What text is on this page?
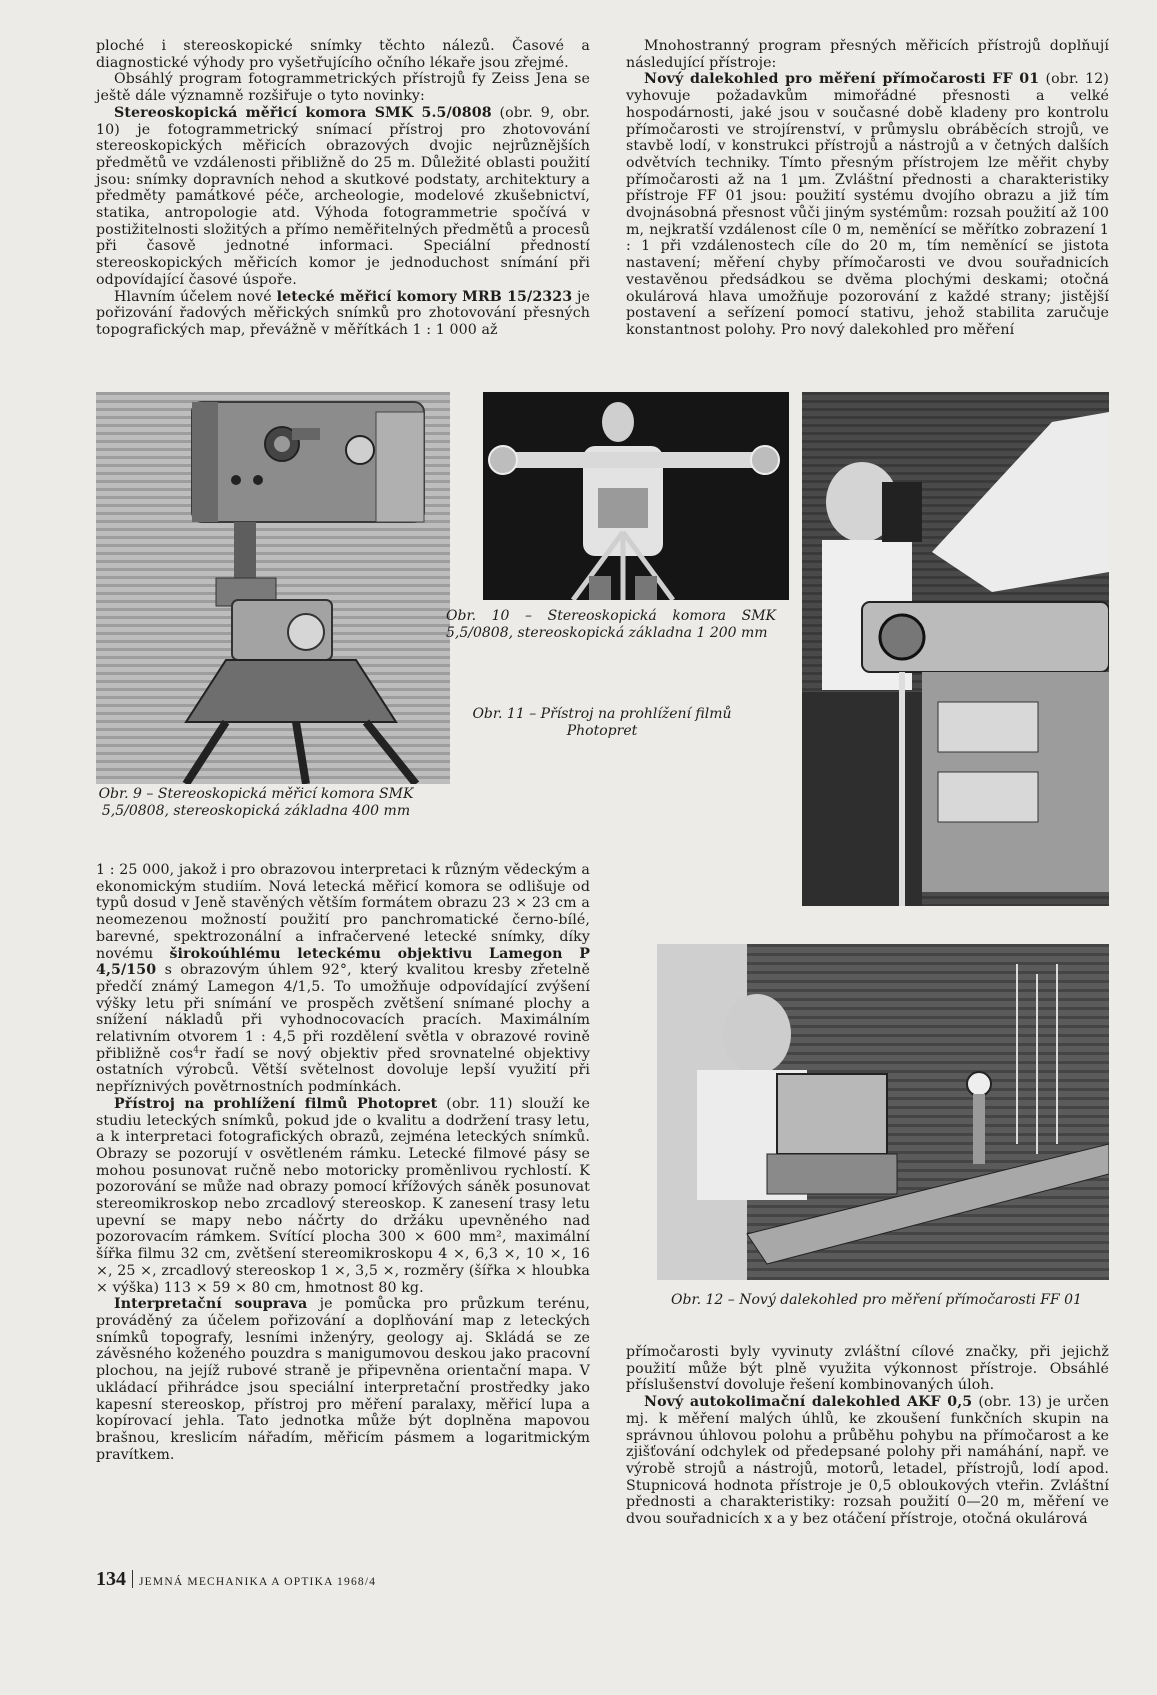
ploché i stereoskopické snímky těchto nálezů. Časové a diagnostické výhody pro vyšetřujícího očního lékaře jsou zřejmé.

Obsáhlý program fotogrammetrických přístrojů fy Zeiss Jena se ještě dále významně rozšiřuje o tyto novinky:

Stereoskopická měřicí komora SMK 5.5/0808 (obr. 9, obr. 10) je fotogrammetrický snímací přístroj pro zhotovování stereoskopických měřicích obrazových dvojic nejrůznějších předmětů ve vzdálenosti přibližně do 25 m. Důležité oblasti použití jsou: snímky dopravních nehod a skutkové podstaty, architektury a předměty památkové péče, archeologie, modelové zkušebnictví, statika, antropologie atd. Výhoda fotogrammetrie spočívá v postižitelnosti složitých a přímo neměřitelných předmětů a procesů při časově jednotné informaci. Speciální předností stereoskopických měřicích komor je jednoduchost snímání při odpovídající časové úspoře.

Hlavním účelem nové letecké měřicí komory MRB 15/2323 je pořizování řadových měřických snímků pro zhotovování přesných topografických map, převážně v měřítkách 1 : 1 000 až

Mnohostranný program přesných měřicích přístrojů doplňují následující přístroje:

Nový dalekohled pro měření přímočarosti FF 01 (obr. 12) vyhovuje požadavkům mimořádné přesnosti a velké hospodárnosti, jaké jsou v současné době kladeny pro kontrolu přímočarosti ve strojírenství, v průmyslu obráběcích strojů, ve stavbě lodí, v konstrukci přístrojů a nástrojů a v četných dalších odvětvích techniky. Tímto přesným přístrojem lze měřit chyby přímočarosti až na 1 µm. Zvláštní přednosti a charakteristiky přístroje FF 01 jsou: použití systému dvojího obrazu a již tím dvojnásobná přesnost vůči jiným systémům: rozsah použití až 100 m, nejkratší vzdálenost cíle 0 m, neměnící se měřítko zobrazení 1 : 1 při vzdálenostech cíle do 20 m, tím neměnící se jistota nastavení; měření chyby přímočarosti ve dvou souřadnicích vestavěnou předsádkou se dvěma plochými deskami; otočná okulárová hlava umožňuje pozorování z každé strany; jistější postavení a seřízení pomocí stativu, jehož stabilita zaručuje konstantnost polohy. Pro nový dalekohled pro měření

Obr. 10 – Stereoskopická komora SMK 5,5/0808, stereoskopická základna 1 200 mm
Obr. 11 – Přístroj na prohlížení filmů Photopret
Obr. 9 – Stereoskopická měřicí komora SMK 5,5/0808, stereoskopická základna 400 mm

1 : 25 000, jakož i pro obrazovou interpretaci k různým vědeckým a ekonomickým studiím. Nová letecká měřicí komora se odlišuje od typů dosud v Jeně stavěných větším formátem obrazu 23 × 23 cm a neomezenou možností použití pro panchromatické černo-bílé, barevné, spektrozonální a infračervené letecké snímky, díky novému širokoúhlému leteckému objektivu Lamegon P 4,5/150 s obrazovým úhlem 92°, který kvalitou kresby zřetelně předčí známý Lamegon 4/1,5. To umožňuje odpovídající zvýšení výšky letu při snímání ve prospěch zvětšení snímané plochy a snížení nákladů při vyhodnocovacích pracích. Maximálním relativním otvorem 1 : 4,5 při rozdělení světla v obrazové rovině přibližně $\cos^4r$ řadí se nový objektiv před srovnatelné objektivy ostatních výrobců. Větší světelnost dovoluje lepší využití při nepříznivých povětrnostních podmínkách.

Přístroj na prohlížení filmů Photopret (obr. 11) slouží ke studiu leteckých snímků, pokud jde o kvalitu a dodržení trasy letu, a k interpretaci fotografických obrazů, zejména leteckých snímků. Obrazy se pozorují v osvětleném rámku. Letecké filmové pásy se mohou posunovat ručně nebo motoricky proměnlivou rychlostí. K pozorování se může nad obrazy pomocí křížových sáněk posunovat stereomikroskop nebo zrcadlový stereoskop. K zanesení trasy letu upevní se mapy nebo náčrty do držáku upevněného nad pozorovacím rámkem. Svítící plocha 300 × 600 mm², maximální šířka filmu 32 cm, zvětšení stereomikroskopu 4 ×, 6,3 ×, 10 ×, 16 ×, 25 ×, zrcadlový stereoskop 1 ×, 3,5 ×, rozměry (šířka × hloubka × výška) 113 × 59 × 80 cm, hmotnost 80 kg.

Interpretační souprava je pomůcka pro průzkum terénu, prováděný za účelem pořizování a doplňování map z leteckých snímků topografy, lesními inženýry, geology aj. Skládá se ze závěsného koženého pouzdra s manigumovou deskou jako pracovní plochou, na jejíž rubové straně je připevněna orientační mapa. V ukládací přihrádce jsou speciální interpretační prostředky jako kapesní stereoskop, přístroj pro měření paralaxy, měřicí lupa a kopírovací jehla. Tato jednotka může být doplněna mapovou brašnou, kreslicím nářadím, měřicím pásmem a logaritmickým pravítkem.

Obr. 12 – Nový dalekohled pro měření přímočarosti FF 01

přímočarosti byly vyvinuty zvláštní cílové značky, při jejichž použití může být plně využita výkonnost přístroje. Obsáhlé příslušenství dovoluje řešení kombinovaných úloh.

Nový autokolimační dalekohled AKF 0,5 (obr. 13) je určen mj. k měření malých úhlů, ke zkoušení funkčních skupin na správnou úhlovou polohu a průběhu pohybu na přímočarost a ke zjišťování odchylek od předepsané polohy při namáhání, např. ve výrobě strojů a nástrojů, motorů, letadel, přístrojů, lodí apod. Stupnicová hodnota přístroje je 0,5 obloukových vteřin. Zvláštní přednosti a charakteristiky: rozsah použití 0—20 m, měření ve dvou souřadnicích x a y bez otáčení přístroje, otočná okulárová

134 JEMNÁ MECHANIKA A OPTIKA 1968/4
